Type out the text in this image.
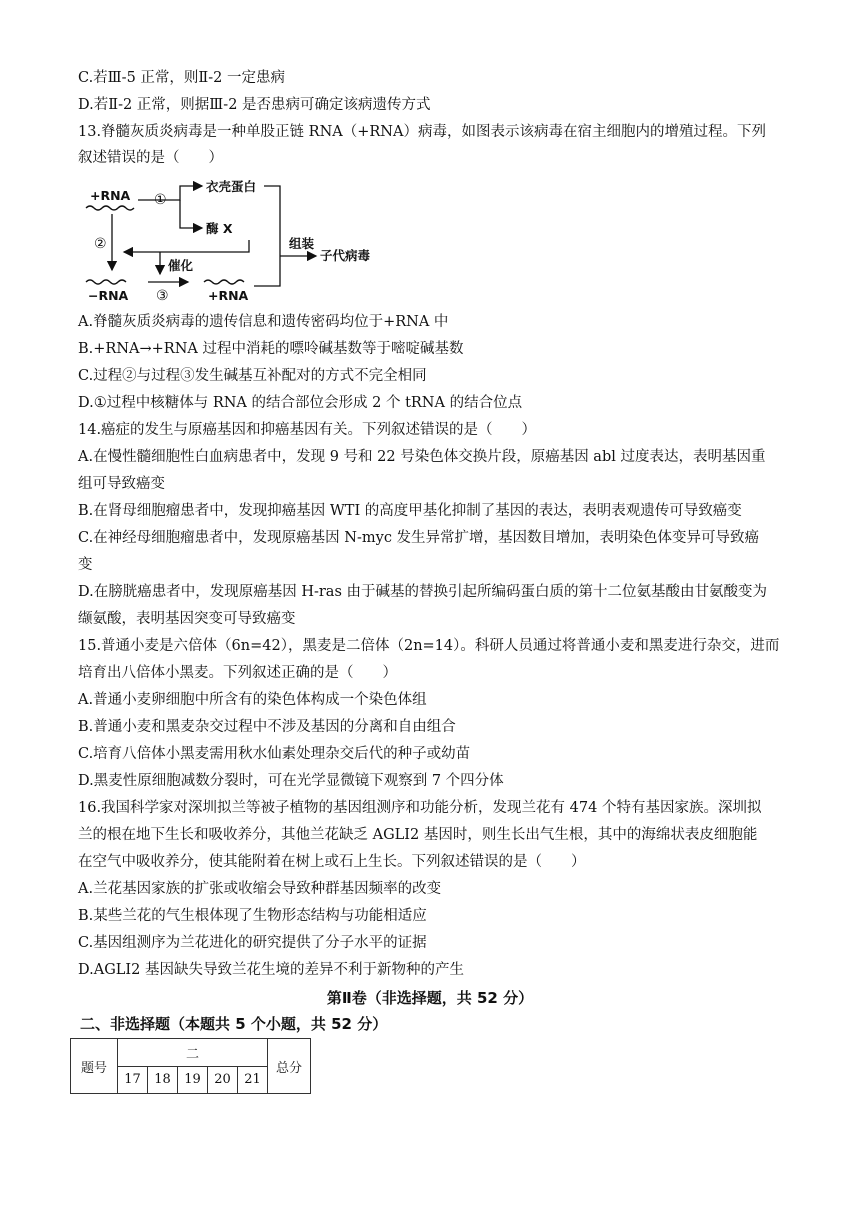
C.若Ⅲ-5 正常，则Ⅱ-2 一定患病
D.若Ⅱ-2 正常，则据Ⅲ-2 是否患病可确定该病遗传方式
13.脊髓灰质炎病毒是一种单股正链 RNA（+RNA）病毒，如图表示该病毒在宿主细胞内的增殖过程。下列
叙述错误的是（　　）
+RNA ①
衣壳蛋白
酶 X
②
催化
组装
子代病毒
−RNA ③	+RNA
A.脊髓灰质炎病毒的遗传信息和遗传密码均位于+RNA 中
B.+RNA→+RNA 过程中消耗的嘌呤碱基数等于嘧啶碱基数
C.过程②与过程③发生碱基互补配对的方式不完全相同
D.①过程中核糖体与 RNA 的结合部位会形成 2 个 tRNA 的结合位点
14.癌症的发生与原癌基因和抑癌基因有关。下列叙述错误的是（　　）
A.在慢性髓细胞性白血病患者中，发现 9 号和 22 号染色体交换片段，原癌基因 abl 过度表达，表明基因重
组可导致癌变
B.在肾母细胞瘤患者中，发现抑癌基因 WTI 的高度甲基化抑制了基因的表达，表明表观遗传可导致癌变
C.在神经母细胞瘤患者中，发现原癌基因 N-myc 发生异常扩增，基因数目增加，表明染色体变异可导致癌
变
D.在膀胱癌患者中，发现原癌基因 H-ras 由于碱基的替换引起所编码蛋白质的第十二位氨基酸由甘氨酸变为
缬氨酸，表明基因突变可导致癌变
15.普通小麦是六倍体（6n=42），黑麦是二倍体（2n=14）。科研人员通过将普通小麦和黑麦进行杂交，进而
培育出八倍体小黑麦。下列叙述正确的是（　　）
A.普通小麦卵细胞中所含有的染色体构成一个染色体组
B.普通小麦和黑麦杂交过程中不涉及基因的分离和自由组合
C.培育八倍体小黑麦需用秋水仙素处理杂交后代的种子或幼苗
D.黑麦性原细胞减数分裂时，可在光学显微镜下观察到 7 个四分体
16.我国科学家对深圳拟兰等被子植物的基因组测序和功能分析，发现兰花有 474 个特有基因家族。深圳拟
兰的根在地下生长和吸收养分，其他兰花缺乏 AGLI2 基因时，则生长出气生根，其中的海绵状表皮细胞能
在空气中吸收养分，使其能附着在树上或石上生长。下列叙述错误的是（　　）
A.兰花基因家族的扩张或收缩会导致种群基因频率的改变
B.某些兰花的气生根体现了生物形态结构与功能相适应
C.基因组测序为兰花进化的研究提供了分子水平的证据
D.AGLI2 基因缺失导致兰花生境的差异不利于新物种的产生
第Ⅱ卷（非选择题，共 52 分）
二、非选择题（本题共 5 个小题，共 52 分）
题号	二					总分
	17	18	19	20	21	
